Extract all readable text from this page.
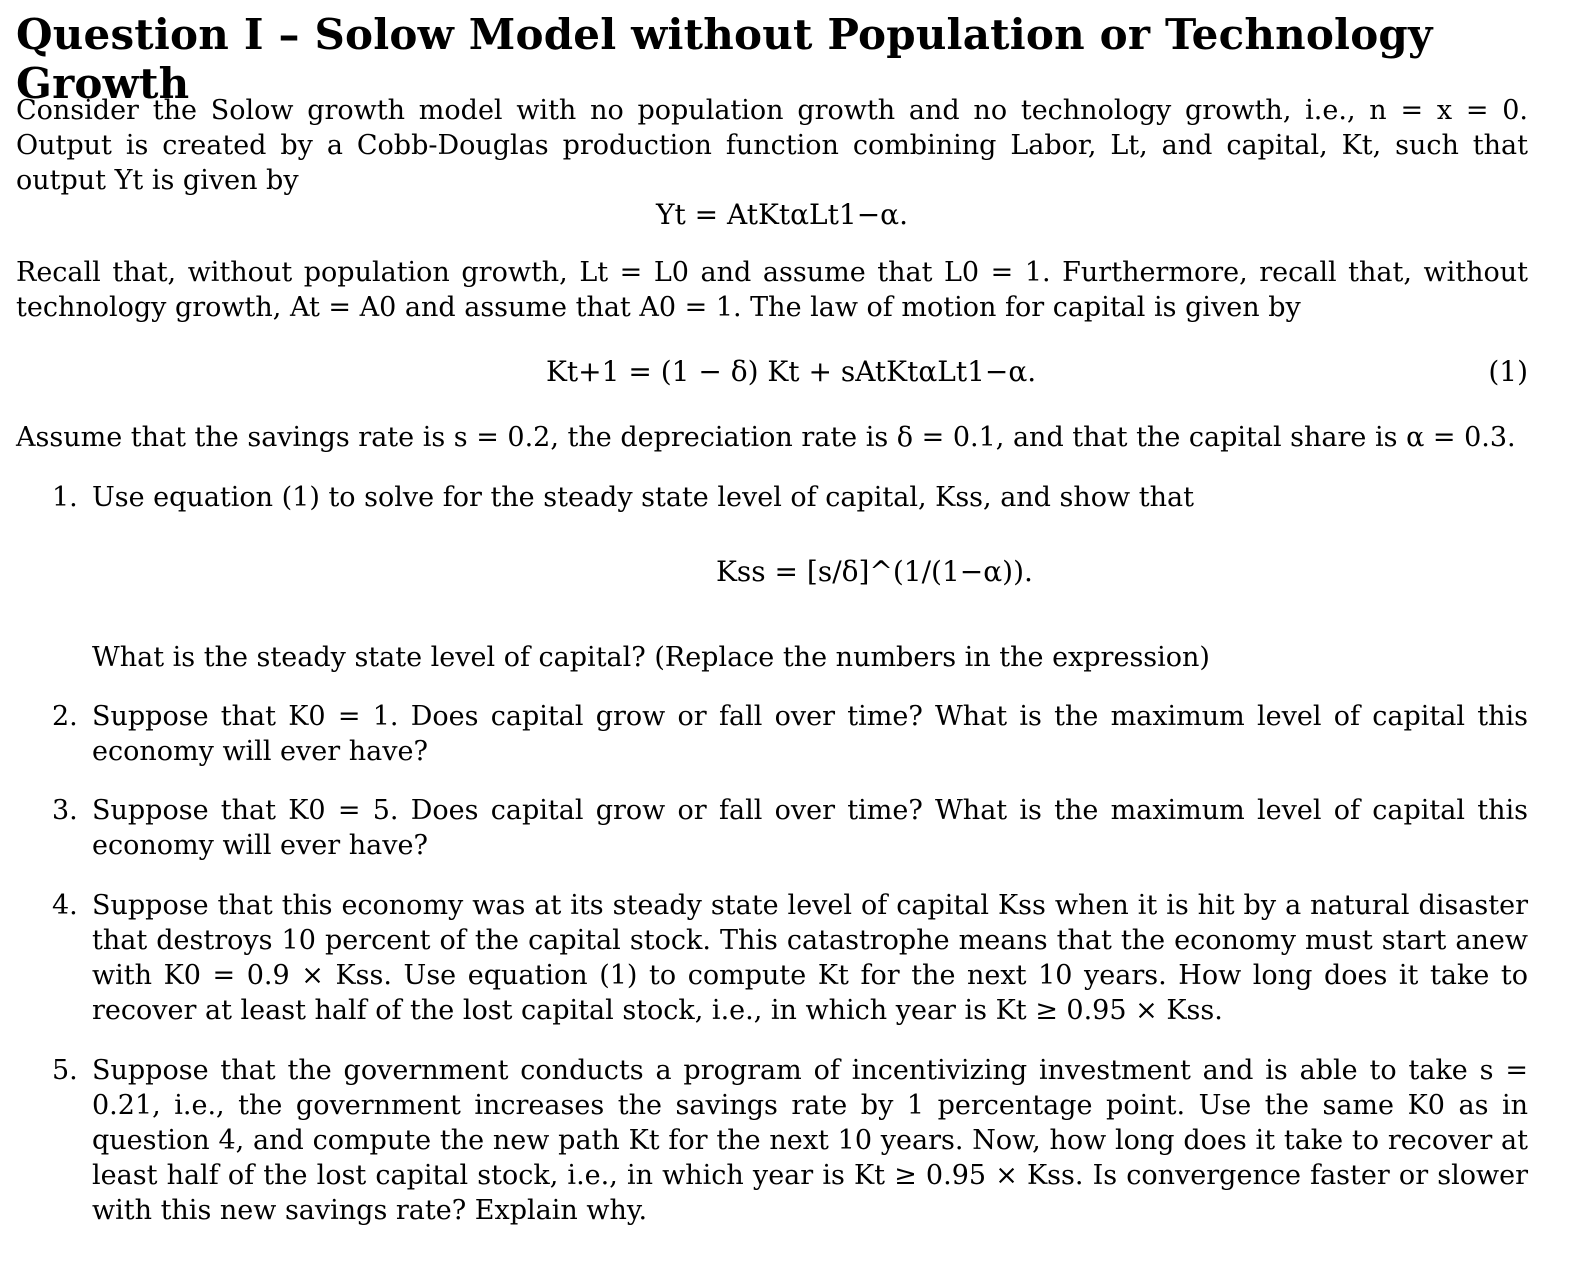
Question I – Solow Model without Population or Technology Growth
Consider the Solow growth model with no population growth and no technology growth, i.e., n = x = 0. Output is created by a Cobb-Douglas production function combining Labor, Lt, and capital, Kt, such that output Yt is given by
Yt = AtKtαLt1−α.
Recall that, without population growth, Lt = L0 and assume that L0 = 1. Furthermore, recall that, without technology growth, At = A0 and assume that A0 = 1. The law of motion for capital is given by
Kt+1 = (1 − δ) Kt + sAtKtαLt1−α.	(1)
Assume that the savings rate is s = 0.2, the depreciation rate is δ = 0.1, and that the capital share is α = 0.3.
1. Use equation (1) to solve for the steady state level of capital, Kss, and show that
Kss = [s/δ]^(1/(1−α)).
What is the steady state level of capital? (Replace the numbers in the expression)
2. Suppose that K0 = 1. Does capital grow or fall over time? What is the maximum level of capital this economy will ever have?
3. Suppose that K0 = 5. Does capital grow or fall over time? What is the maximum level of capital this economy will ever have?
4. Suppose that this economy was at its steady state level of capital Kss when it is hit by a natural disaster that destroys 10 percent of the capital stock. This catastrophe means that the economy must start anew with K0 = 0.9 × Kss. Use equation (1) to compute Kt for the next 10 years. How long does it take to recover at least half of the lost capital stock, i.e., in which year is Kt ≥ 0.95 × Kss.
5. Suppose that the government conducts a program of incentivizing investment and is able to take s = 0.21, i.e., the government increases the savings rate by 1 percentage point. Use the same K0 as in question 4, and compute the new path Kt for the next 10 years. Now, how long does it take to recover at least half of the lost capital stock, i.e., in which year is Kt ≥ 0.95 × Kss. Is convergence faster or slower with this new savings rate? Explain why.
